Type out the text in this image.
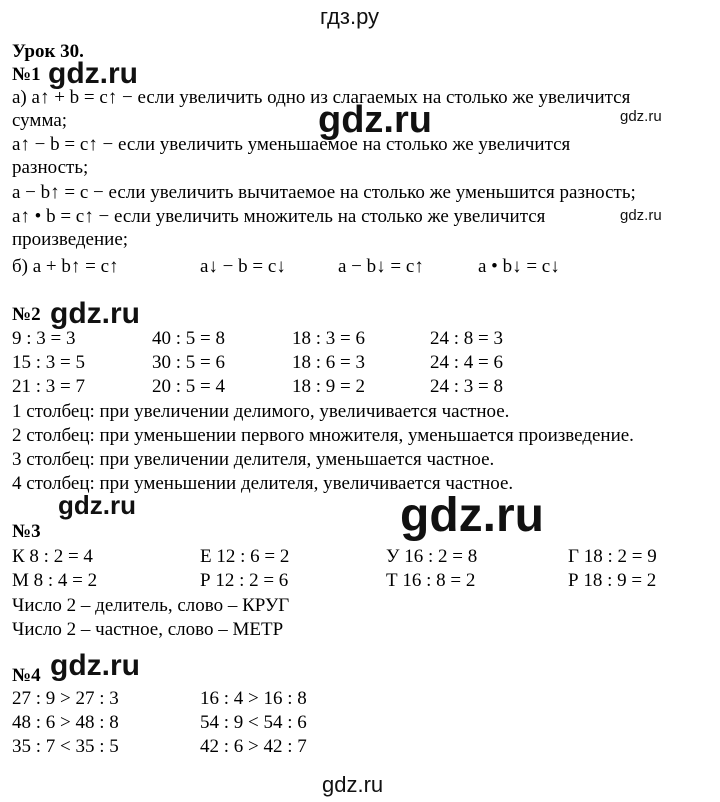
гдз.ру
Урок 30.
№1
а) a↑ + b = c↑ − если увеличить одно из слагаемых на столько же увеличится
сумма;
a↑ − b = c↑ − если увеличить уменьшаемое на столько же увеличится
разность;
a − b↑ = c − если увеличить вычитаемое на столько же уменьшится разность;
a↑ • b = c↑ − если увеличить множитель на столько же увеличится
произведение;
б) a + b↑ = c↑	a↓ − b = c↓	a − b↓ = c↑	a • b↓ = c↓
№2
9 : 3 = 3	40 : 5 = 8	18 : 3 = 6	24 : 8 = 3
15 : 3 = 5	30 : 5 = 6	18 : 6 = 3	24 : 4 = 6
21 : 3 = 7	20 : 5 = 4	18 : 9 = 2	24 : 3 = 8
1 столбец: при увеличении делимого, увеличивается частное.
2 столбец: при уменьшении первого множителя, уменьшается произведение.
3 столбец: при увеличении делителя, уменьшается частное.
4 столбец: при уменьшении делителя, увеличивается частное.
№3
К 8 : 2 = 4	Е 12 : 6 = 2	У 16 : 2 = 8	Г 18 : 2 = 9
М 8 : 4 = 2	Р 12 : 2 = 6	Т 16 : 8 = 2	Р 18 : 9 = 2
Число 2 – делитель, слово – КРУГ
Число 2 – частное, слово – МЕТР
№4
27 : 9 > 27 : 3	16 : 4 > 16 : 8
48 : 6 > 48 : 8	54 : 9 < 54 : 6
35 : 7 < 35 : 5	42 : 6 > 42 : 7
gdz.ru
gdz.ru	gdz.ru
gdz.ru
gdz.ru
gdz.ru	gdz.ru
gdz.ru
gdz.ru
